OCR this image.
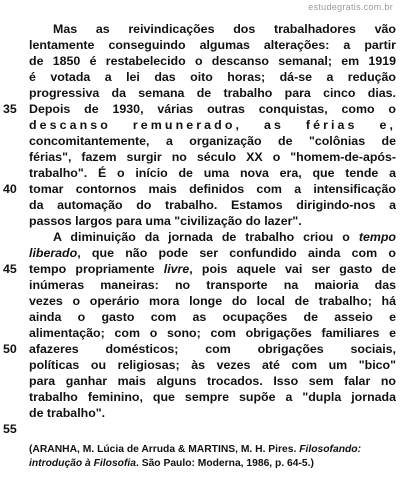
estudegratis.com.br
Mas as reivindicações dos trabalhadores vão
lentamente conseguindo algumas alterações: a partir
de 1850 é restabelecido o descanso semanal; em 1919
é votada a lei das oito horas; dá-se a redução
progressiva da semana de trabalho para cinco dias.
Depois de 1930, várias outras conquistas, como o
descanso remunerado, as férias e,
concomitantemente, a organização de "colônias de
férias", fazem surgir no século XX o "homem-de-após-
trabalho". É o início de uma nova era, que tende a
tomar contornos mais definidos com a intensificação
da automação do trabalho. Estamos dirigindo-nos a
passos largos para uma "civilização do lazer".
A diminuição da jornada de trabalho criou o tempo
liberado, que não pode ser confundido ainda com o
tempo propriamente livre, pois aquele vai ser gasto de
inúmeras maneiras: no transporte na maioria das
vezes o operário mora longe do local de trabalho; há
ainda o gasto com as ocupações de asseio e
alimentação; com o sono; com obrigações familiares e
afazeres domésticos; com obrigações sociais,
políticas ou religiosas; às vezes até com um "bico"
para ganhar mais alguns trocados. Isso sem falar no
trabalho feminino, que sempre supõe a "dupla jornada
de trabalho".
35
40
45
50
55
(ARANHA, M. Lúcia de Arruda & MARTINS, M. H. Pires. Filosofando:
introdução à Filosofia. São Paulo: Moderna, 1986, p. 64-5.)
